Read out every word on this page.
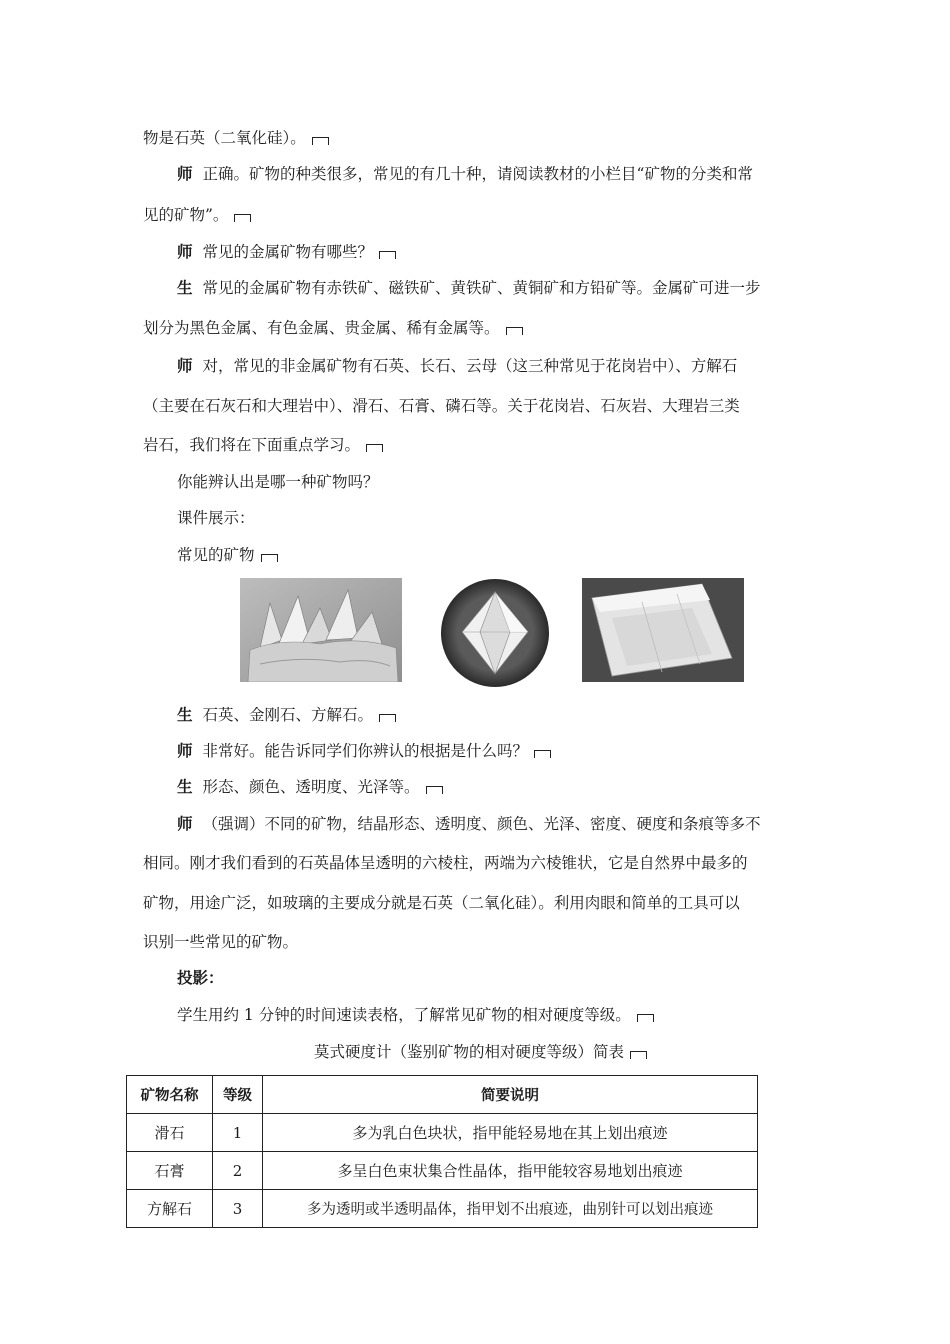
物是石英（二氧化硅）。
师 正确。矿物的种类很多，常见的有几十种，请阅读教材的小栏目“矿物的分类和常
见的矿物”。
师 常见的金属矿物有哪些？
生 常见的金属矿物有赤铁矿、磁铁矿、黄铁矿、黄铜矿和方铅矿等。金属矿可进一步
划分为黑色金属、有色金属、贵金属、稀有金属等。
师 对，常见的非金属矿物有石英、长石、云母（这三种常见于花岗岩中）、方解石
（主要在石灰石和大理岩中）、滑石、石膏、磷石等。关于花岗岩、石灰岩、大理岩三类
岩石，我们将在下面重点学习。
你能辨认出是哪一种矿物吗？
课件展示：
常见的矿物
生 石英、金刚石、方解石。
师 非常好。能告诉同学们你辨认的根据是什么吗？
生 形态、颜色、透明度、光泽等。
师 （强调）不同的矿物，结晶形态、透明度、颜色、光泽、密度、硬度和条痕等多不
相同。刚才我们看到的石英晶体呈透明的六棱柱，两端为六棱锥状，它是自然界中最多的
矿物，用途广泛，如玻璃的主要成分就是石英（二氧化硅）。利用肉眼和简单的工具可以
识别一些常见的矿物。
投影：
学生用约 1 分钟的时间速读表格，了解常见矿物的相对硬度等级。
莫式硬度计（鉴别矿物的相对硬度等级）简表
矿物名称	等级	简要说明
滑石	1	多为乳白色块状，指甲能轻易地在其上划出痕迹
石膏	2	多呈白色束状集合性晶体，指甲能较容易地划出痕迹
方解石	3	多为透明或半透明晶体，指甲划不出痕迹，曲别针可以划出痕迹
